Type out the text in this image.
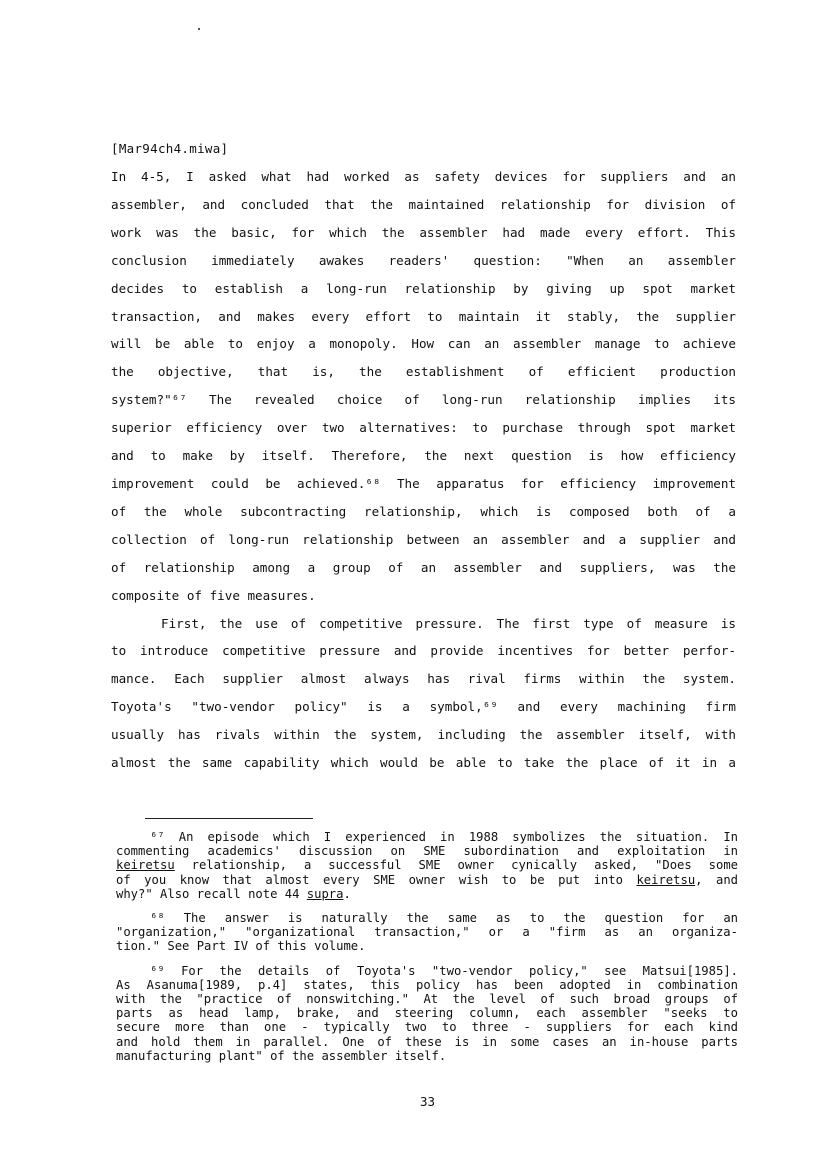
[Mar94ch4.miwa]
In 4-5, I asked what had worked as safety devices for suppliers and an
assembler, and concluded that the maintained relationship for division of
work was the basic, for which the assembler had made every effort. This
conclusion immediately awakes readers' question: "When an assembler
decides to establish a long-run relationship by giving up spot market
transaction, and makes every effort to maintain it stably, the supplier
will be able to enjoy a monopoly. How can an assembler manage to achieve
the objective, that is, the establishment of efficient production
system?"⁶⁷ The revealed choice of long-run relationship implies its
superior efficiency over two alternatives: to purchase through spot market
and to make by itself. Therefore, the next question is how efficiency
improvement could be achieved.⁶⁸ The apparatus for efficiency improvement
of the whole subcontracting relationship, which is composed both of a
collection of long-run relationship between an assembler and a supplier and
of relationship among a group of an assembler and suppliers, was the
composite of five measures.
First, the use of competitive pressure. The first type of measure is
to introduce competitive pressure and provide incentives for better perfor-
mance. Each supplier almost always has rival firms within the system.
Toyota's "two-vendor policy" is a symbol,⁶⁹ and every machining firm
usually has rivals within the system, including the assembler itself, with
almost the same capability which would be able to take the place of it in a
⁶⁷ An episode which I experienced in 1988 symbolizes the situation. In
commenting academics' discussion on SME subordination and exploitation in
keiretsu relationship, a successful SME owner cynically asked, "Does some
of you know that almost every SME owner wish to be put into keiretsu, and
why?" Also recall note 44 supra.
⁶⁸ The answer is naturally the same as to the question for an
"organization," "organizational transaction," or a "firm as an organiza-
tion." See Part IV of this volume.
⁶⁹ For the details of Toyota's "two-vendor policy," see Matsui[1985].
As Asanuma[1989, p.4] states, this policy has been adopted in combination
with the "practice of nonswitching." At the level of such broad groups of
parts as head lamp, brake, and steering column, each assembler "seeks to
secure more than one - typically two to three - suppliers for each kind
and hold them in parallel. One of these is in some cases an in-house parts
manufacturing plant" of the assembler itself.
33
